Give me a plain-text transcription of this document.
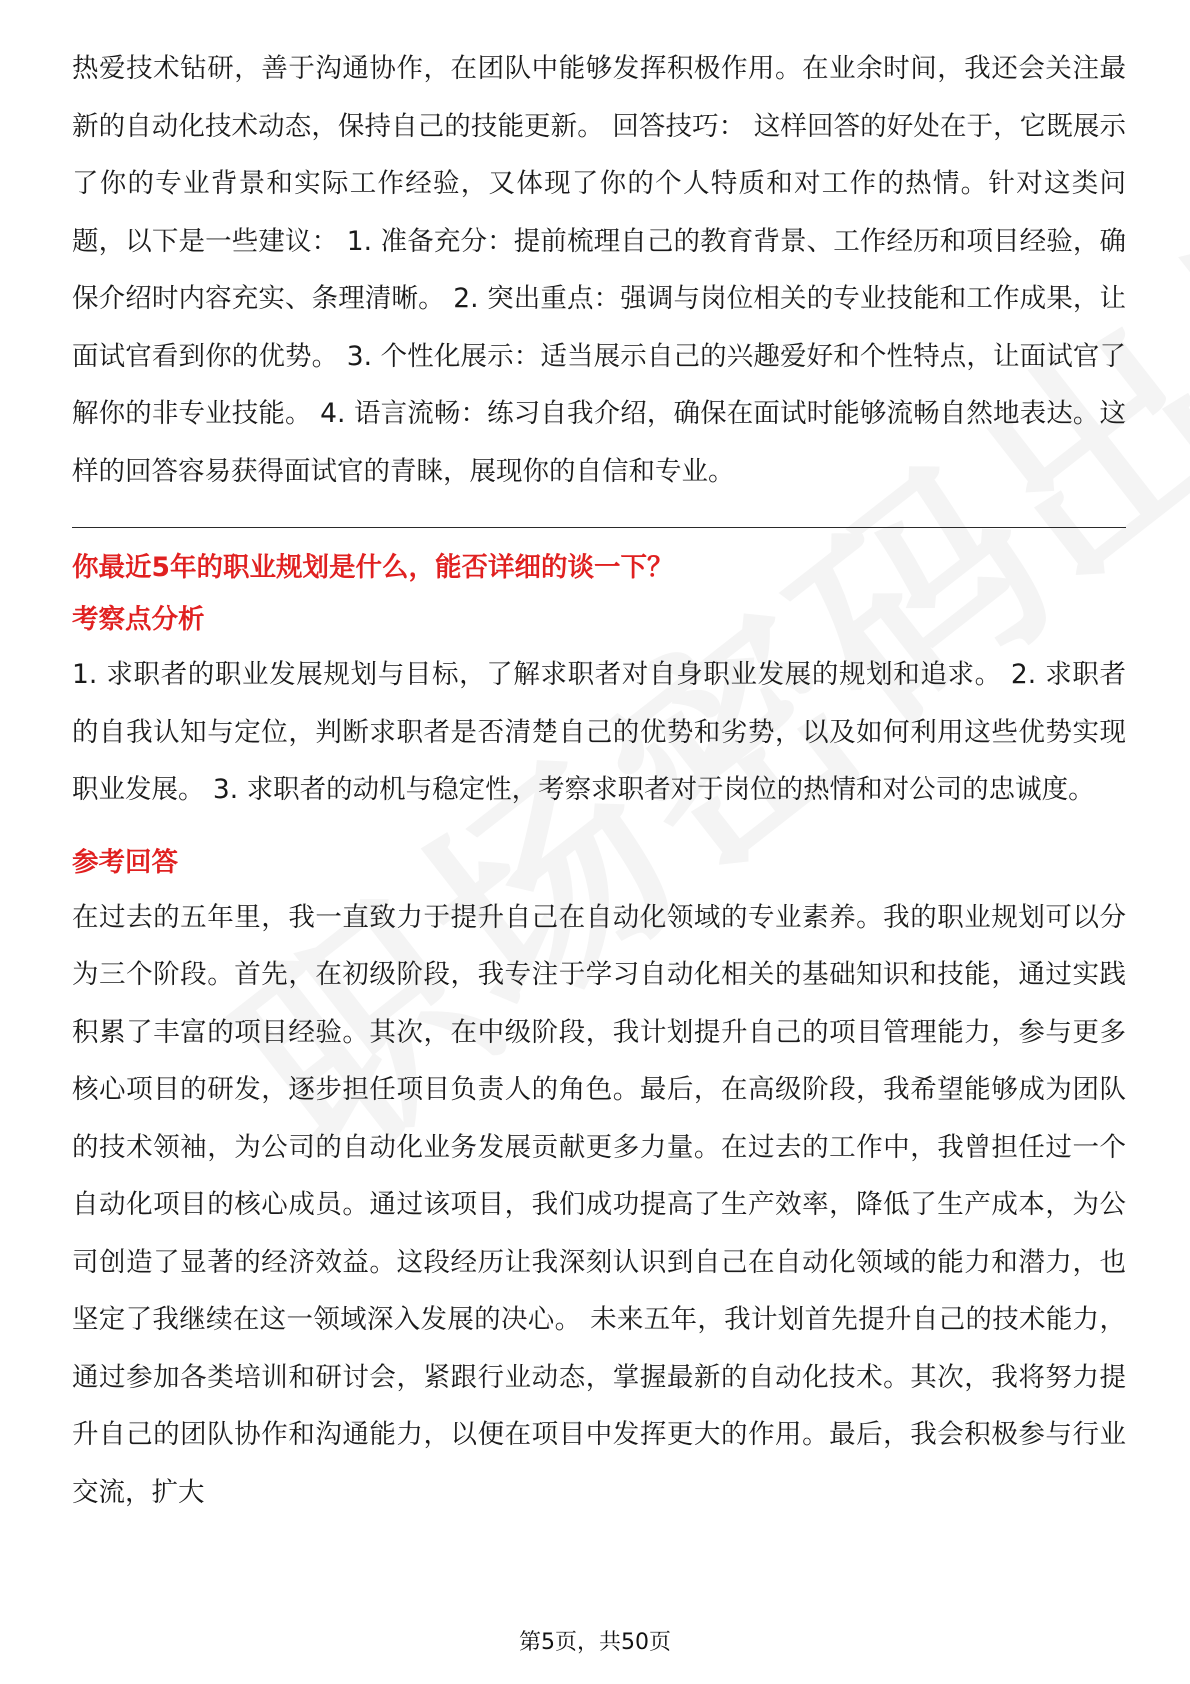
热爱技术钻研，善于沟通协作，在团队中能够发挥积极作用。在业余时间，我还会关注最新的自动化技术动态，保持自己的技能更新。 回答技巧： 这样回答的好处在于，它既展示了你的专业背景和实际工作经验，又体现了你的个人特质和对工作的热情。针对这类问题，以下是一些建议： 1. 准备充分：提前梳理自己的教育背景、工作经历和项目经验，确保介绍时内容充实、条理清晰。 2. 突出重点：强调与岗位相关的专业技能和工作成果，让面试官看到你的优势。 3. 个性化展示：适当展示自己的兴趣爱好和个性特点，让面试官了解你的非专业技能。 4. 语言流畅：练习自我介绍，确保在面试时能够流畅自然地表达。这样的回答容易获得面试官的青睐，展现你的自信和专业。

你最近5年的职业规划是什么，能否详细的谈一下？

考察点分析

1. 求职者的职业发展规划与目标，了解求职者对自身职业发展的规划和追求。 2. 求职者的自我认知与定位，判断求职者是否清楚自己的优势和劣势，以及如何利用这些优势实现职业发展。 3. 求职者的动机与稳定性，考察求职者对于岗位的热情和对公司的忠诚度。

参考回答

在过去的五年里，我一直致力于提升自己在自动化领域的专业素养。我的职业规划可以分为三个阶段。首先，在初级阶段，我专注于学习自动化相关的基础知识和技能，通过实践积累了丰富的项目经验。其次，在中级阶段，我计划提升自己的项目管理能力，参与更多核心项目的研发，逐步担任项目负责人的角色。最后，在高级阶段，我希望能够成为团队的技术领袖，为公司的自动化业务发展贡献更多力量。在过去的工作中，我曾担任过一个自动化项目的核心成员。通过该项目，我们成功提高了生产效率，降低了生产成本，为公司创造了显著的经济效益。这段经历让我深刻认识到自己在自动化领域的能力和潜力，也坚定了我继续在这一领域深入发展的决心。 未来五年，我计划首先提升自己的技术能力，通过参加各类培训和研讨会，紧跟行业动态，掌握最新的自动化技术。其次，我将努力提升自己的团队协作和沟通能力，以便在项目中发挥更大的作用。最后，我会积极参与行业交流，扩大

第5页，共50页
